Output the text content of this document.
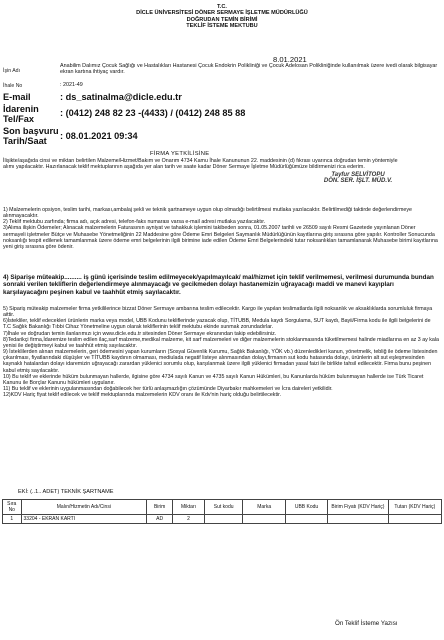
T.C.
DİCLE ÜNİVERSİTESİ DÖNER SERMAYE İŞLETME MÜDÜRLÜĞÜ
DOĞRUDAN TEMİN BİRİMİ
TEKLİF İSTEME MEKTUBU
8.01.2021
İşin Adı
Anabilim Dalımız Çocuk Sağlığı ve Hastalıkları Hastanesi Çocuk Endokrin Polikliniği ve Çocuk Adelosan Polikliniğinde kullanılmak üzere ivedi olarak bilgisayar ekran kartına ihtiyaç vardır.
İhale No	: 2021-49
E-mail	: ds_satinalma@dicle.edu.tr
İdarenin
Tel/Fax
: (0412) 248 82 23 -(4433) / (0412) 248 85 88
Son başvuru
Tarih/Saat : 08.01.2021 09:34
FİRMA YETKİLİSİNE
İlişikte/aşağıda cinsi ve miktarı belirtilen Malzeme/Hizmet/Bakım ve Onarım 4734 Kamu İhale Kanununun 22. maddesinin (d) fıkrası uyarınca doğrudan temin yöntemiyle alımı yapılacaktır. Hazırlanacak teklif mektuplarının aşağıda yer alan tarih ve saate kadar Döner Sermaye İşletme Müdürlüğümüze bildirmenizi rica ederim.
Tayfur SELVİTOPU
DÖN. SER. İŞLT. MÜD.V.
1) Malzemelerin opsiyon, teslim tarihi, markası,ambalaj şekli ve teknik şartnameye uygun olup olmadığı belirtilmesi mutlaka yazılacaktır. Belirtilmediği taktirde değerlendirmeye alınmayacaktır.
2) Teklif mektubu zarfında; firma adı, açık adresi, telefon-faks numarası varsa e-mail adresi mutlaka yazılacaktır.
3)Alıma ilişkin Ödemeler; Alınacak malzemelerin Faturasının ayniyat ve tahakkuk işlemini takibeden sonra, 01.05.2007 tarihli ve 26509 sayılı Resmi Gazetede yayınlanan Döner sermayeli işletmeler Bütçe ve Muhasebe Yönetmeliğinin 22 Maddesine göre Ödeme Emri Belgeleri Saymanlık Müdürlüğünün kayıtlarına giriş sırasına göre yapılır. Kontroller Sonucunda noksanlığı tespit edilenek tamamlanmak üzere ödeme emri belgelerinin ilgili birimine iade edilen Ödeme Emri Belgelerindeki tutar noksanlıkları tamamlanarak Muhasebe birimi kayıtlarına yeni giriş sırasına göre ödenir.
4) Siparişe müteakip.......... iş günü içerisinde teslim edilmeyecek/yapılmayılcak/ mal/hizmet için teklif verilmemesi, verilmesi durumunda bundan sonraki verilen tekliflerin değerlendirmeye alınmayacağı ve gecikmeden dolayı hastanemizin uğrayacağı maddi ve manevi kayıpları karşılayacağını peşinen kabul ve taahhüt etmiş sayılacaktır.
5) Sipariş müteakip malzemeler firma yetkililerince bizzat Döner Sermaye ambarına teslim edilecektir. Kargo ile yapılan teslimatlarda ilgili noksanlık ve aksaklıklarda sorumluluk firmaya aittir.
6)İstekliler, teklif edecekleri ürünlerin marka veya model, UBB Kodunu tekliflerinde yazacak olup, TİTUBB, Medula kaydı Sorgulama, SUT kaydı, Bayii/Firma kodu ile ilgili belgelerini de T.C Sağlık Bakanlığı Tıbbi Cihaz Yönetmeline uygun olarak tekliflerinin teklif mektubu ekinde sunmak zorundadırlar.
7)İhale ve doğrudan temin ilanlarımızı için www.dicle.edu.tr sitesinden Döner Sermaye ekranından takip edebilirsiniz.
8)Tedarikçi firma,İdaremize teslim edilen ilaç,sarf malzeme,medikal malzeme, kit sarf malzemeleri ve diğer malzemelerin stoklanmasında tüketilmemesi halinde miadlarına en az 3 ay kala yenisi ile değiştirmeyi kabul ve taahhüt etmiş sayılacaktır.
9) İsteklilerden alınan malzemelerin, geri ödemesini yapan kurumların (Sosyal Güvenlik Kurumu, Sağlık Bakanlığı, YÖK vb.) düzenledikleri kanun, yönetmelik, tebliğ ile ödeme listesinden çıkarılması, fiyatlarındaki düşüşler ve TİTUBB kaydının olmaması, mediulada negatif listeye alınmasından dolayı,firmanın sut kodu hatasında dolayı, ürünlerin alt sut eşleşmesinden kaynaklı hatalardan dolayı idaremizin uğrayacağı zarardan yüklenici sorumlu olup, karşılanmak üzere ilgili yüklenici firmadan yasal faizi ile birlikte tahsil edilecektir. Firma bunu peşinen kabul etmiş sayılacaktır.
10) Bu teklif ve eklerinde hüküm bulunmayan hallerde, ilgisine göre 4734 sayılı Kanun ve 4735 sayılı Kanun Hükümleri, bu Kanunlarda hüküm bulunmayan hallerde ise Türk Ticaret Kanunu ile Borçlar Kanunu hükümleri uygulanır.
11) Bu teklif ve eklerinin uygulanmasından doğabilecek her türlü anlaşmazlığın çözümünde Diyarbakır mahkemeleri ve İcra daireleri yetkilidir.
12)KDV Hariç fiyat teklif edilecek ve teklif mektuplarında malzemelerin KDV oranı ile Kdv'nin hariç olduğu belirtilecektir.
EKİ: (..1.. ADET) TEKNİK ŞARTNAME
Sıra No	Malın/Hizmetin Adı/Cinsi	Birim	Miktarı	Sut kodu	Marka	UBB Kodu	Birim Fiyatı (KDV Hariç)	Tutarı (KDV Hariç)
1	33204 - EKRAN KARTI	AD	2					
Ön Teklif İsteme Yazısı
